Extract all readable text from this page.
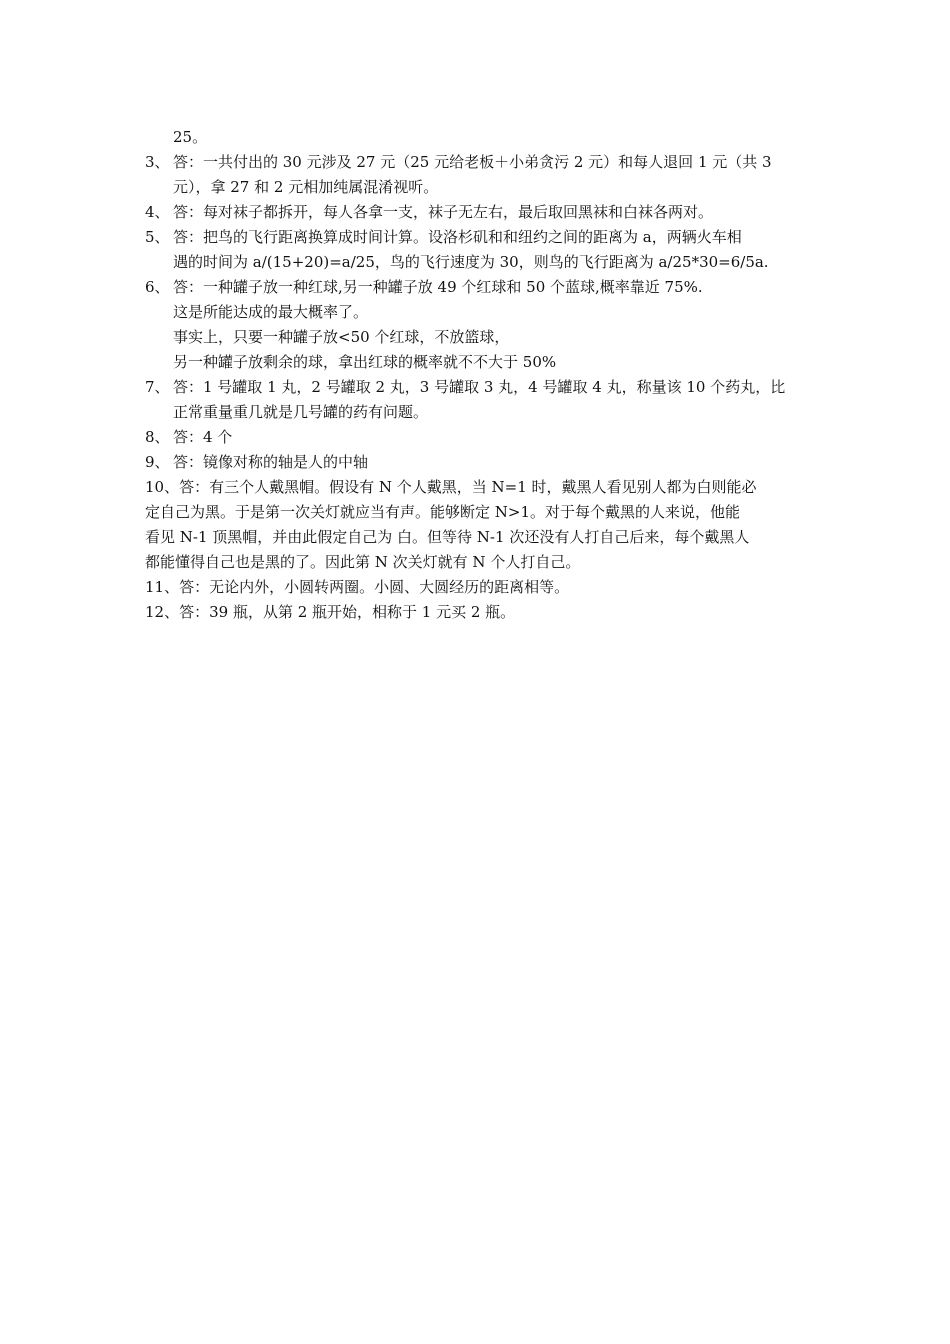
25。
3、 答：一共付出的 30 元涉及 27 元（25 元给老板＋小弟贪污 2 元）和每人退回 1 元（共 3
元），拿 27 和 2 元相加纯属混淆视听。
4、 答：每对袜子都拆开，每人各拿一支，袜子无左右，最后取回黑袜和白袜各两对。
5、 答：把鸟的飞行距离换算成时间计算。设洛杉矶和和纽约之间的距离为 a，两辆火车相
遇的时间为 a/(15+20)=a/25，鸟的飞行速度为 30，则鸟的飞行距离为 a/25*30=6/5a.
6、 答：一种罐子放一种红球,另一种罐子放 49 个红球和 50 个蓝球,概率靠近 75%.
这是所能达成的最大概率了。
事实上，只要一种罐子放<50 个红球，不放篮球，
另一种罐子放剩余的球，拿出红球的概率就不不大于 50%
7、 答：1 号罐取 1 丸，2 号罐取 2 丸，3 号罐取 3 丸，4 号罐取 4 丸，称量该 10 个药丸，比
正常重量重几就是几号罐的药有问题。
8、 答：4 个
9、 答：镜像对称的轴是人的中轴
10、答：有三个人戴黑帽。假设有 N 个人戴黑，当 N=1 时，戴黑人看见别人都为白则能必
定自己为黑。于是第一次关灯就应当有声。能够断定 N>1。对于每个戴黑的人来说，他能
看见 N-1 顶黑帽，并由此假定自己为 白。但等待 N-1 次还没有人打自己后来，每个戴黑人
都能懂得自己也是黑的了。因此第 N 次关灯就有 N 个人打自己。
11、答：无论内外，小圆转两圈。小圆、大圆经历的距离相等。
12、答：39 瓶，从第 2 瓶开始，相称于 1 元买 2 瓶。
